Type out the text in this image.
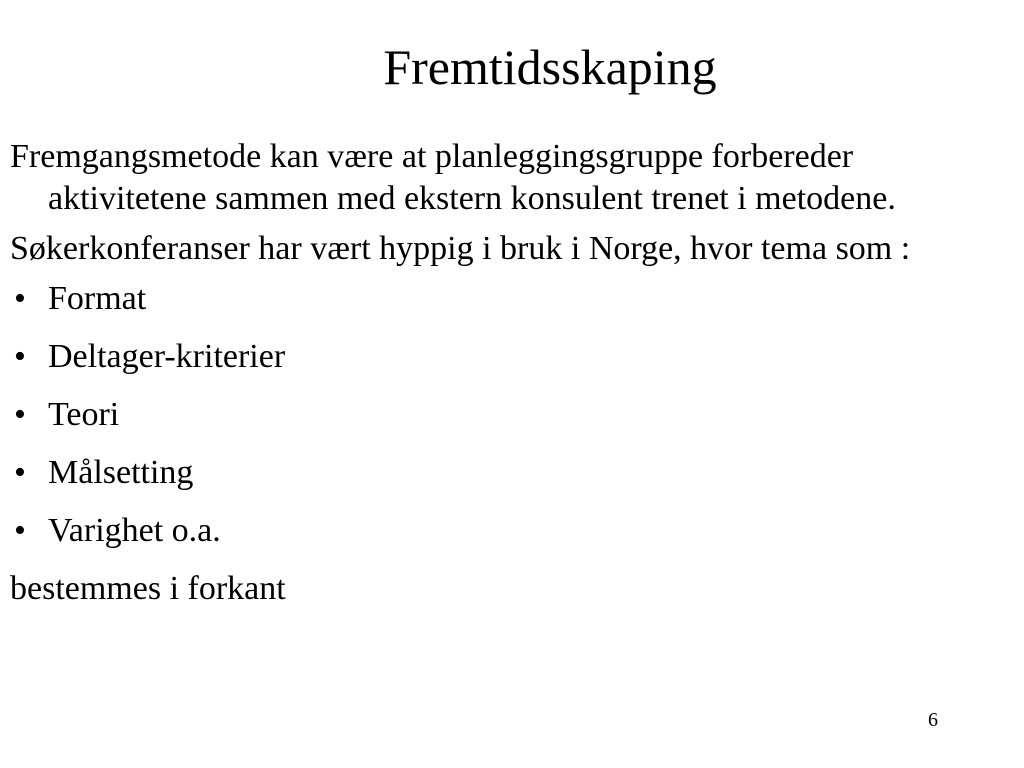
Fremtidsskaping

Fremgangsmetode kan være at planleggingsgruppe forbereder aktivitetene sammen med ekstern konsulent trenet i metodene.

Søkerkonferanser har vært hyppig i bruk i Norge, hvor tema som :

• Format
• Deltager-kriterier
• Teori
• Målsetting
• Varighet o.a.

bestemmes i forkant

6
